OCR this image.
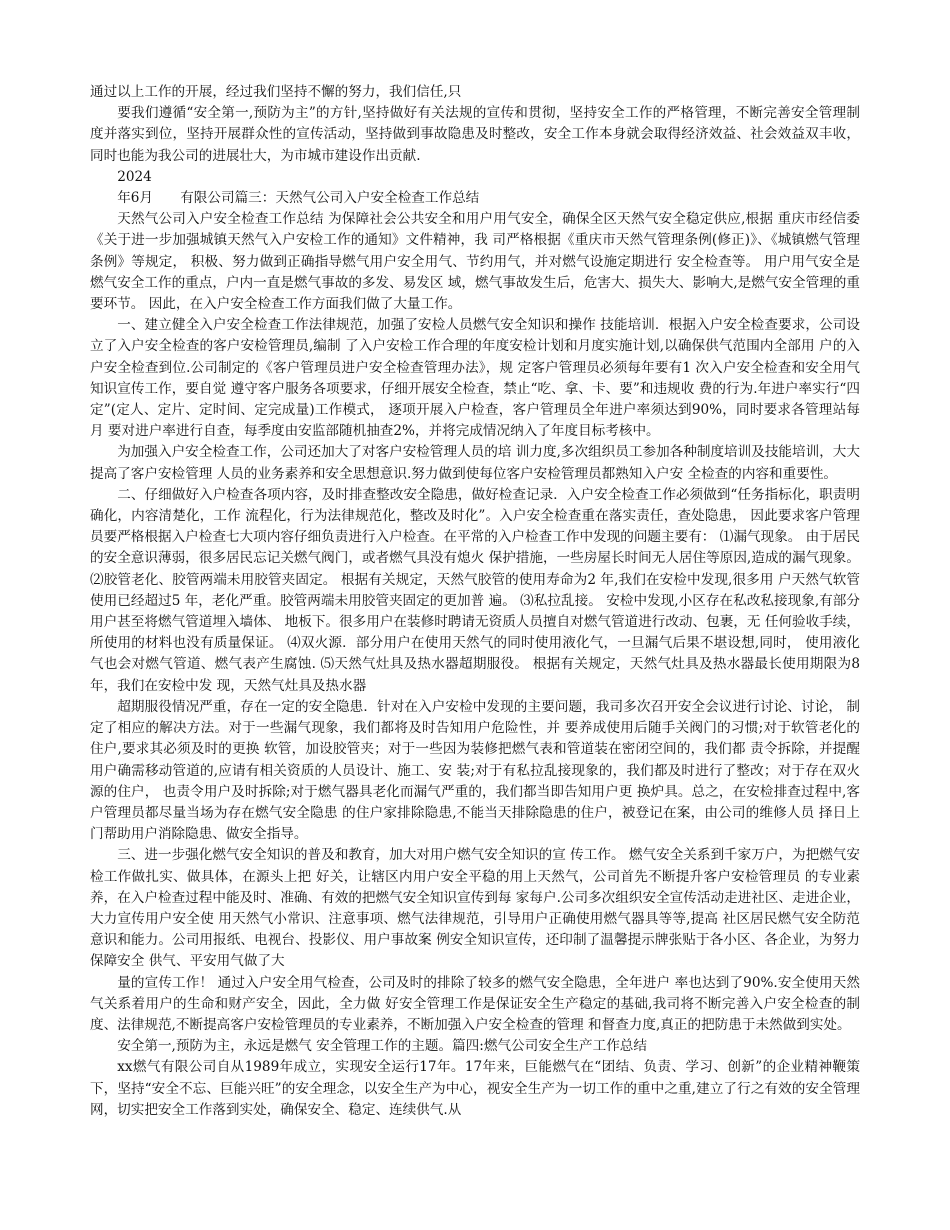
通过以上工作的开展，经过我们坚持不懈的努力，我们信任,只

要我们遵循“安全第一,预防为主”的方针,坚持做好有关法规的宣传和贯彻，坚持安全工作的严格管理，不断完善安全管理制度并落实到位，坚持开展群众性的宣传活动，坚持做到事故隐患及时整改，安全工作本身就会取得经济效益、社会效益双丰收，同时也能为我公司的进展壮大，为市城市建设作出贡献.

2024

年6月　　有限公司篇三：天然气公司入户安全检查工作总结

天然气公司入户安全检查工作总结 为保障社会公共安全和用户用气安全，确保全区天然气安全稳定供应,根据 重庆市经信委《关于进一步加强城镇天然气入户安检工作的通知》文件精神，我 司严格根据《重庆市天然气管理条例(修正)》、《城镇燃气管理条例》等规定， 积极、努力做到正确指导燃气用户安全用气、节约用气，并对燃气设施定期进行 安全检查等。 用户用气安全是燃气安全工作的重点，户内一直是燃气事故的多发、易发区 域，燃气事故发生后，危害大、损失大、影响大,是燃气安全管理的重要环节。 因此，在入户安全检查工作方面我们做了大量工作。

一、建立健全入户安全检查工作法律规范，加强了安检人员燃气安全知识和操作 技能培训．根据入户安全检查要求，公司设立了入户安全检查的客户安检管理员,编制 了入户安检工作合理的年度安检计划和月度实施计划,以确保供气范围内全部用 户的入户安全检查到位.公司制定的《客户管理员进户安全检查管理办法》，规 定客户管理员必须每年要有1 次入户安全检查和安全用气知识宣传工作，要自觉 遵守客户服务各项要求，仔细开展安全检查，禁止“吃、拿、卡、要”和违规收 费的行为.年进户率实行“四定”(定人、定片、定时间、定完成量)工作模式， 逐项开展入户检查，客户管理员全年进户率须达到90%，同时要求各管理站每月 要对进户率进行自查，每季度由安监部随机抽查2%，并将完成情况纳入了年度目标考核中。

为加强入户安全检查工作，公司还加大了对客户安检管理人员的培 训力度,多次组织员工参加各种制度培训及技能培训，大大提高了客户安检管理 人员的业务素养和安全思想意识.努力做到使每位客户安检管理员都熟知入户安 全检查的内容和重要性。

二、仔细做好入户检查各项内容，及时排查整改安全隐患，做好检查记录．入户安全检查工作必须做到“任务指标化，职责明确化，内容清楚化，工作 流程化，行为法律规范化，整改及时化”。入户安全检查重在落实责任，查处隐患， 因此要求客户管理员要严格根据入户检查七大项内容仔细负责进行入户检查。在平常的入户检查工作中发现的问题主要有： ⑴漏气现象。 由于居民的安全意识薄弱，很多居民忘记关燃气阀门，或者燃气具没有熄火 保护措施，一些房屋长时间无人居住等原因,造成的漏气现象。 ⑵胶管老化、胶管两端未用胶管夹固定。 根据有关规定，天然气胶管的使用寿命为2 年,我们在安检中发现,很多用 户天然气软管使用已经超过5 年，老化严重。胶管两端未用胶管夹固定的更加普 遍。 ⑶私拉乱接。 安检中发现,小区存在私改私接现象,有部分用户甚至将燃气管道埋入墙体、 地板下。很多用户在装修时聘请无资质人员擅自对燃气管道进行改动、包裹，无 任何验收手续，所使用的材料也没有质量保证。 ⑷双火源．部分用户在使用天然气的同时使用液化气，一旦漏气后果不堪设想,同时， 使用液化气也会对燃气管道、燃气表产生腐蚀. ⑸天然气灶具及热水器超期服役。 根据有关规定，天然气灶具及热水器最长使用期限为8 年，我们在安检中发 现，天然气灶具及热水器

超期服役情况严重，存在一定的安全隐患．针对在入户安检中发现的主要问题，我司多次召开安全会议进行讨论、讨论， 制定了相应的解决方法。对于一些漏气现象，我们都将及时告知用户危险性，并 要养成使用后随手关阀门的习惯;对于软管老化的住户,要求其必须及时的更换 软管，加设胶管夹；对于一些因为装修把燃气表和管道装在密闭空间的，我们都 责令拆除，并提醒用户确需移动管道的,应请有相关资质的人员设计、施工、安 装;对于有私拉乱接现象的，我们都及时进行了整改；对于存在双火源的住户， 也责令用户及时拆除;对于燃气器具老化而漏气严重的，我们都当即告知用户更 换炉具。总之，在安检排查过程中,客户管理员都尽量当场为存在燃气安全隐患 的住户家排除隐患,不能当天排除隐患的住户，被登记在案，由公司的维修人员 择日上门帮助用户消除隐患、做安全指导。

三、进一步强化燃气安全知识的普及和教育，加大对用户燃气安全知识的宣 传工作。 燃气安全关系到千家万户，为把燃气安检工作做扎实、做具体，在源头上把 好关，让辖区内用户安全平稳的用上天然气，公司首先不断提升客户安检管理员 的专业素养，在入户检查过程中能及时、准确、有效的把燃气安全知识宣传到每 家每户.公司多次组织安全宣传活动走进社区、走进企业，大力宣传用户安全使 用天然气小常识、注意事项、燃气法律规范，引导用户正确使用燃气器具等等,提高 社区居民燃气安全防范意识和能力。公司用报纸、电视台、投影仪、用户事故案 例安全知识宣传，还印制了温馨提示牌张贴于各小区、各企业，为努力保障安全 供气、平安用气做了大

量的宣传工作！ 通过入户安全用气检查，公司及时的排除了较多的燃气安全隐患，全年进户 率也达到了90%.安全使用天然气关系着用户的生命和财产安全，因此，全力做 好安全管理工作是保证安全生产稳定的基础,我司将不断完善入户安全检查的制 度、法律规范,不断提高客户安检管理员的专业素养，不断加强入户安全检查的管理 和督查力度,真正的把防患于未然做到实处。

安全第一,预防为主，永远是燃气 安全管理工作的主题。篇四:燃气公司安全生产工作总结

xx燃气有限公司自从1989年成立，实现安全运行17年。17年来，巨能燃气在“团结、负责、学习、创新”的企业精神鞭策下，坚持“安全不忘、巨能兴旺”的安全理念，以安全生产为中心，视安全生产为一切工作的重中之重,建立了行之有效的安全管理网，切实把安全工作落到实处，确保安全、稳定、连续供气.从
